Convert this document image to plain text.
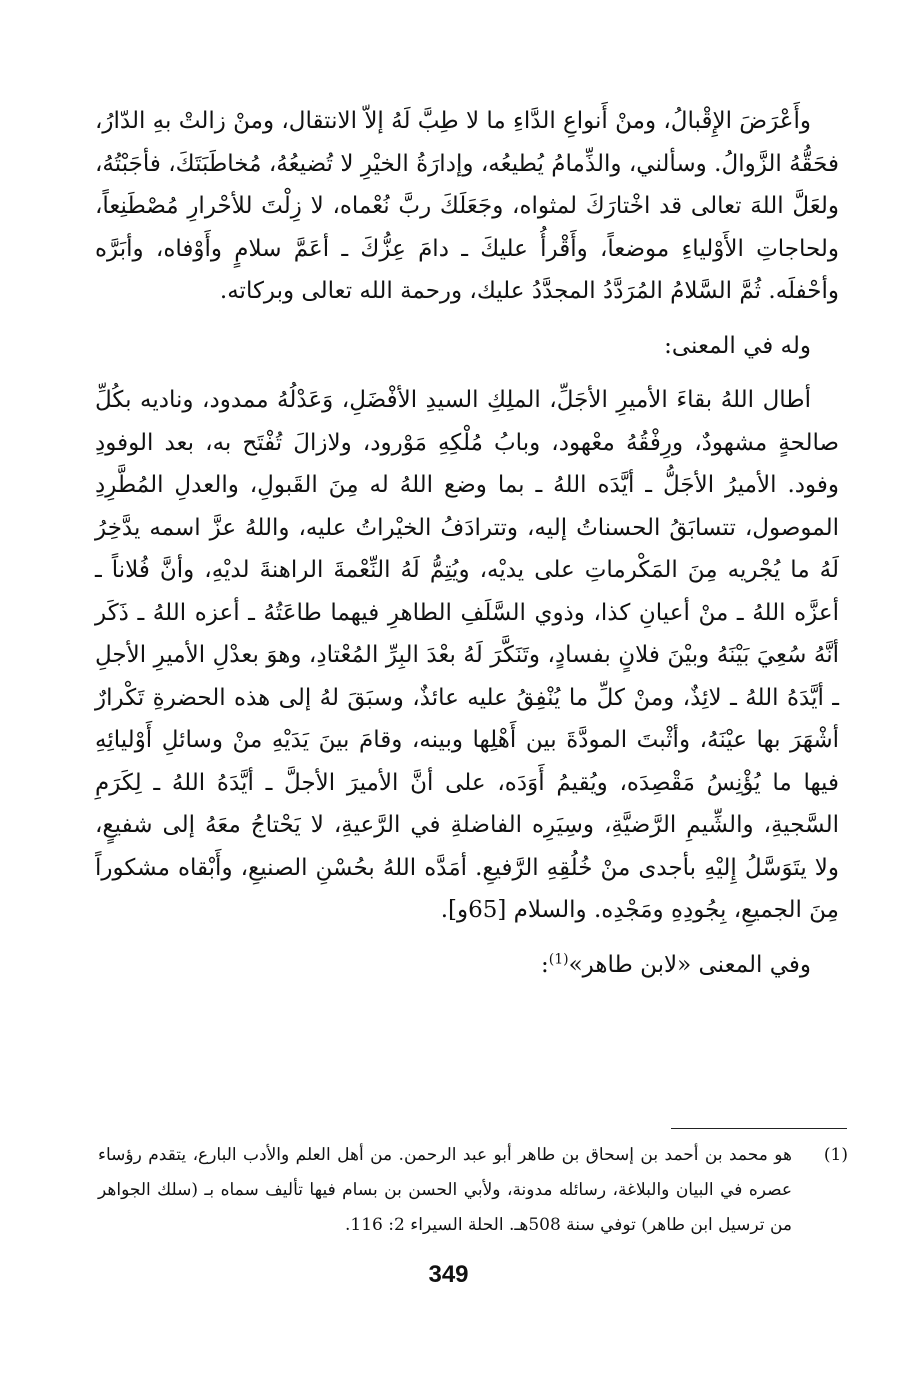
وأَعْرَضَ الإِقْبالُ، ومنْ أَنواعِ الدَّاءِ ما لا طِبَّ لَهُ إلاّ الانتقال، ومنْ زالتْ بهِ الدّارُ، فحَقُّهُ الزَّوالُ. وسألني، والذِّمامُ يُطيعُه، وإدارَةُ الخيْرِ لا تُضيعُهُ، مُخاطَبَتَكَ، فأجَبْتُهُ، ولعَلَّ اللهَ تعالى قد اخْتارَكَ لمثواه، وجَعَلَكَ ربَّ نُعْماه، لا زِلْتَ للأحْرارِ مُصْطَنِعاً، ولحاجاتِ الأَوْلياءِ موضعاً، وأَقْرأُ عليكَ ـ دامَ عِزُّكَ ـ أعَمَّ سلامٍ وأَوْفاه، وأبَرَّه وأحْفلَه. ثُمَّ السَّلامُ المُرَدَّدُ المجدَّدُ عليك، ورحمة الله تعالى وبركاته.

وله في المعنى:

أطال اللهُ بقاءَ الأميرِ الأجَلِّ، الملِكِ السيدِ الأفْضَلِ، وَعَدْلُهُ ممدود، وناديه بكُلِّ صالحةٍ مشهودٌ، ورِفْقُهُ معْهود، وبابُ مُلْكِهِ مَوْرود، ولازالَ تُفْتَح به، بعد الوفودِ وفود. الأميرُ الأجَلُّ ـ أيَّدَه اللهُ ـ بما وضع اللهُ له مِنَ القَبولِ، والعدلِ المُطَّرِدِ الموصول، تتسابَقُ الحسناتُ إليه، وتترادَفُ الخيْراتُ عليه، واللهُ عزَّ اسمه يدَّخِرُ لَهُ ما يُجْريه مِنَ المَكْرماتِ على يديْه، ويُتِمُّ لَهُ النِّعْمةَ الراهنةَ لديْهِ، وأنَّ فُلاناً ـ أعزَّه اللهُ ـ منْ أعيانِ كذا، وذوي السَّلَفِ الطاهرِ فيهما طاعَتُهُ ـ أعزه اللهُ ـ ذَكَر أنَّهُ سُعِيَ بَيْنَهُ وبيْنَ فلانٍ بفسادٍ، وتَنَكَّرَ لَهُ بعْدَ البِرِّ المُعْتادِ، وهوَ بعدْلِ الأميرِ الأجلِ ـ أيَّدَهُ اللهُ ـ لائِذٌ، ومنْ كلِّ ما يُنْفِقُ عليه عائذٌ، وسبَقَ لهُ إلى هذه الحضرةِ تَكْرارٌ أشْهَرَ بها عيْنَهُ، وأثْبتَ المودَّةَ بين أَهْلِها وبينه، وقامَ بينَ يَدَيْهِ منْ وسائلِ أَوْليائِهِ فيها ما يُؤْنِسُ مَقْصِدَه، ويُقيمُ أَوَدَه، على أنَّ الأميرَ الأجلَّ ـ أيَّدَهُ اللهُ ـ لِكَرَمِ السَّجيةِ، والشِّيمِ الرَّضيَّةِ، وسِيَرِه الفاضلةِ في الرَّعيةِ، لا يَحْتاجُ معَهُ إلى شفيعٍ، ولا يتَوَسَّلُ إِليْهِ بأجدى منْ خُلُقِهِ الرَّفيعِ. أمَدَّه اللهُ بحُسْنِ الصنيعِ، وأَبْقاه مشكوراً مِنَ الجميعِ، بِجُودِهِ ومَجْدِه. والسلام [65و].

وفي المعنى «لابن طاهر»$^{(1)}$:

(1)
هو محمد بن أحمد بن إسحاق بن طاهر أبو عبد الرحمن. من أهل العلم والأدب البارع، يتقدم رؤساء عصره في البيان والبلاغة، رسائله مدونة، ولأبي الحسن بن بسام فيها تأليف سماه بـ (سلك الجواهر من ترسيل ابن طاهر) توفي سنة 508هـ. الحلة السيراء 2: 116.
349
